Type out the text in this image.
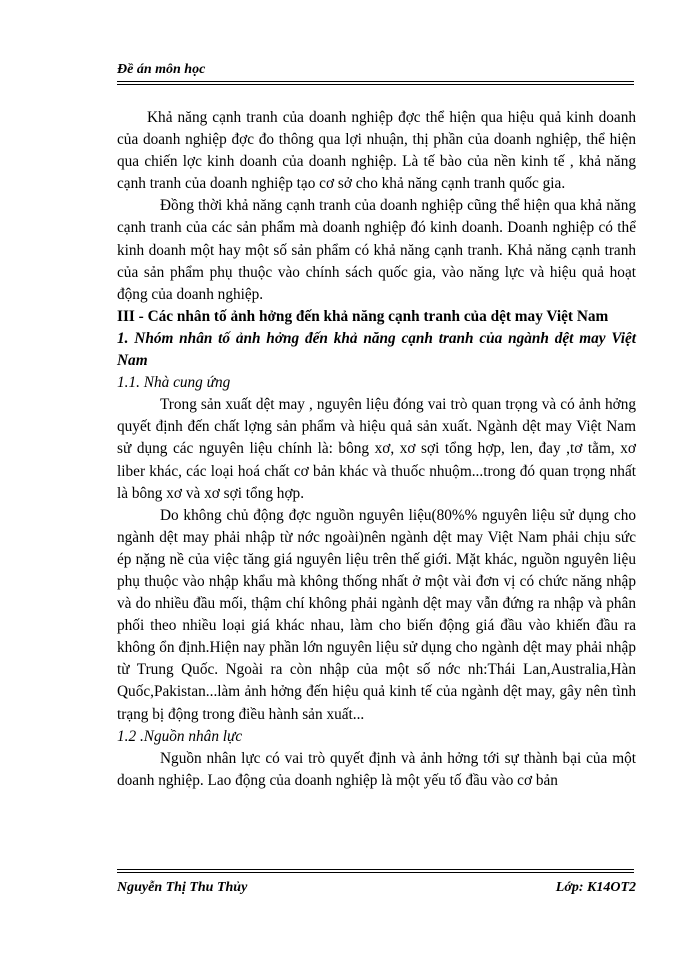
Đề án môn học

Khả năng cạnh tranh của doanh nghiệp đợc thể hiện qua hiệu quả kinh doanh của doanh nghiệp đợc đo thông qua lợi nhuận, thị phần của doanh nghiệp, thể hiện qua chiến lợc kinh doanh của doanh nghiệp. Là tế bào của nền kinh tế , khả năng cạnh tranh của doanh nghiệp tạo cơ sở cho khả năng cạnh tranh quốc gia.

Đồng thời khả năng cạnh tranh của doanh nghiệp cũng thể hiện qua khả năng cạnh tranh của các sản phẩm mà doanh nghiệp đó kinh doanh. Doanh nghiệp có thể kinh doanh một hay một số sản phẩm có khả năng cạnh tranh. Khả năng cạnh tranh của sản phẩm phụ thuộc vào chính sách quốc gia, vào năng lực và hiệu quả hoạt động của doanh nghiệp.

III - Các nhân tố ảnh hởng đến khả năng cạnh tranh của dệt may Việt Nam

1. Nhóm nhân tố ảnh hởng đến khả năng cạnh tranh của ngành dệt may Việt Nam

1.1. Nhà cung ứng

Trong sản xuất dệt may , nguyên liệu đóng vai trò quan trọng và có ảnh hởng quyết định đến chất lợng sản phẩm và hiệu quả sản xuất. Ngành dệt may Việt Nam sử dụng các nguyên liệu chính là: bông xơ, xơ sợi tổng hợp, len, đay ,tơ tằm, xơ liber khác, các loại hoá chất cơ bản khác và thuốc nhuộm...trong đó quan trọng nhất là bông xơ và xơ sợi tổng hợp.

Do không chủ động đợc nguồn nguyên liệu(80%% nguyên liệu sử dụng cho ngành dệt may phải nhập từ nớc ngoài)nên ngành dệt may Việt Nam phải chịu sức ép nặng nề của việc tăng giá nguyên liệu trên thế giới. Mặt khác, nguồn nguyên liệu phụ thuộc vào nhập khẩu mà không thống nhất ở một vài đơn vị có chức năng nhập và do nhiều đầu mối, thậm chí không phải ngành dệt may vẫn đứng ra nhập và phân phối theo nhiều loại giá khác nhau, làm cho biến động giá đầu vào khiến đầu ra không ổn định.Hiện nay phần lớn nguyên liệu sử dụng cho ngành dệt may phải nhập từ Trung Quốc. Ngoài ra còn nhập của một số nớc nh:Thái Lan,Australia,Hàn Quốc,Pakistan...làm ảnh hởng đến hiệu quả kinh tế của ngành dệt may, gây nên tình trạng bị động trong điều hành sản xuất...

1.2 .Nguồn nhân lực

Nguồn nhân lực có vai trò quyết định và ảnh hởng tới sự thành bại của một doanh nghiệp. Lao động của doanh nghiệp là một yếu tố đầu vào cơ bản

Nguyễn Thị Thu Thủy	Lớp: K14OT2
